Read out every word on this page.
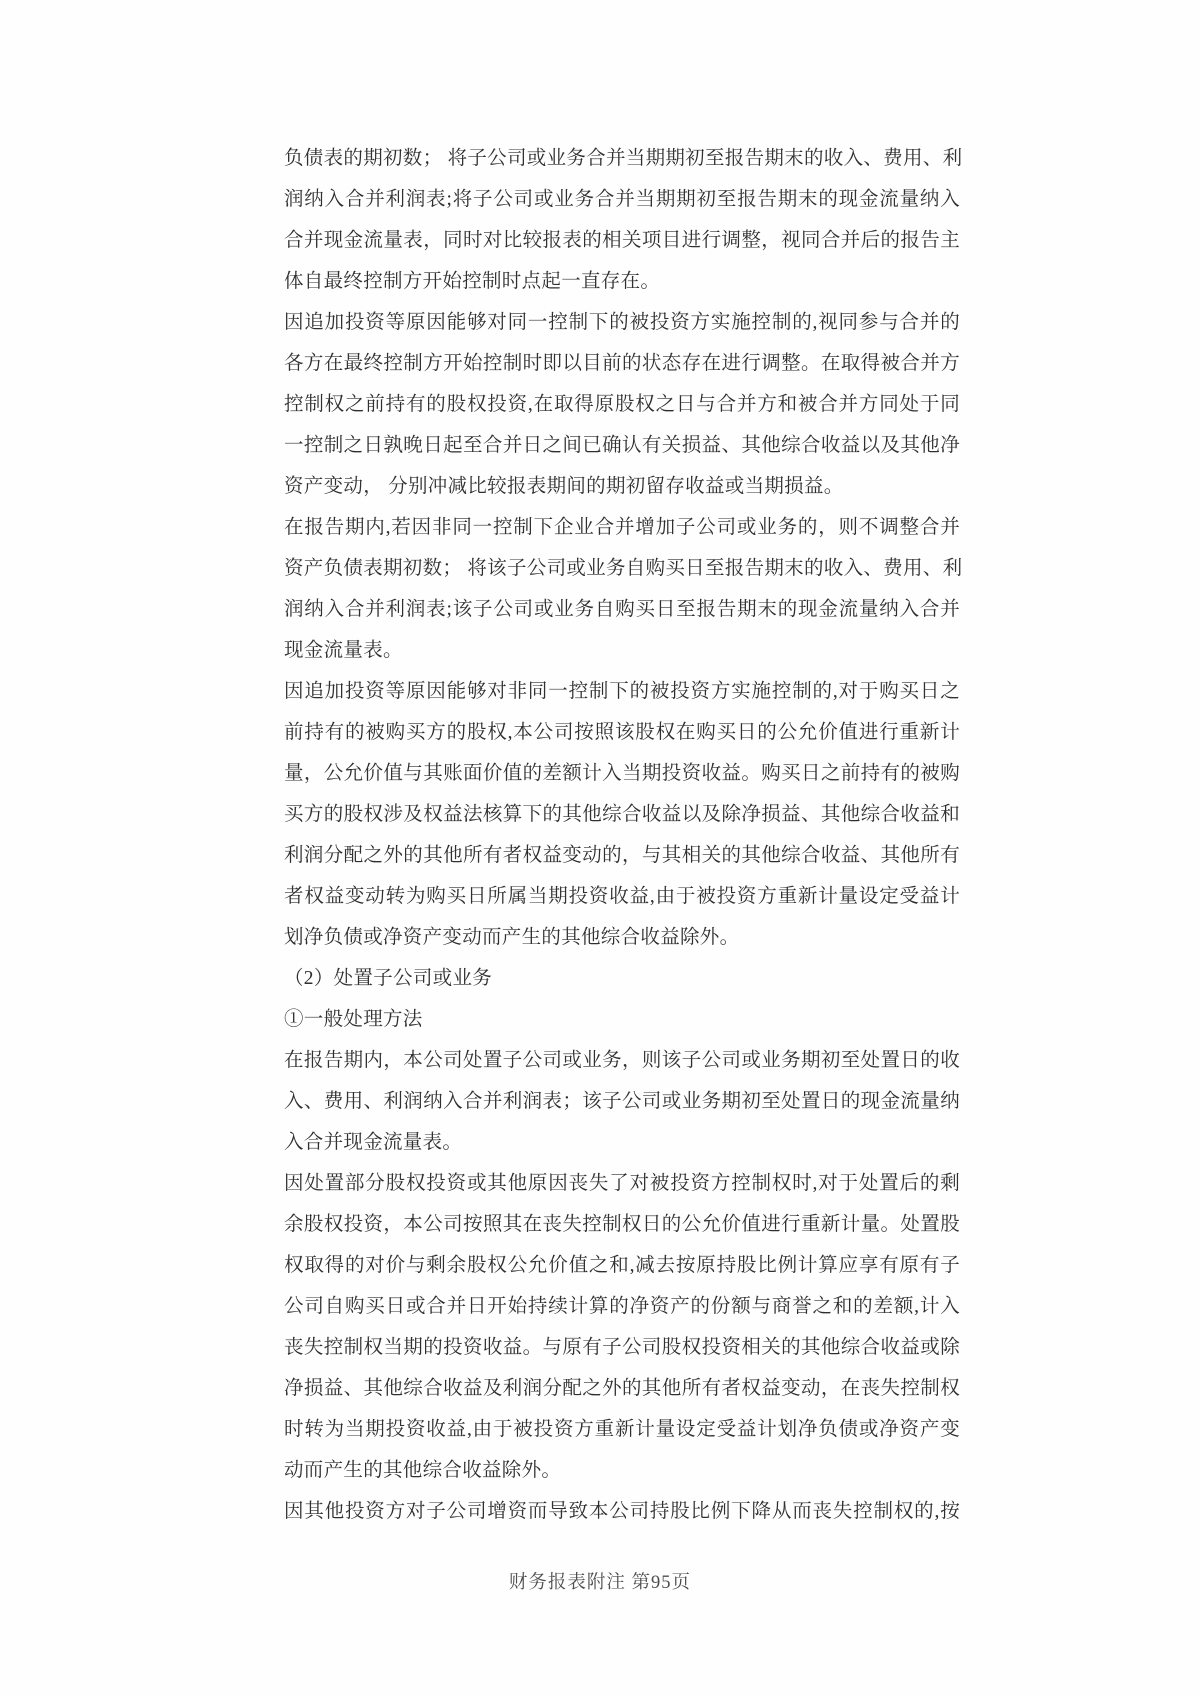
负债表的期初数； 将子公司或业务合并当期期初至报告期末的收入、费用、利
润纳入合并利润表;将子公司或业务合并当期期初至报告期末的现金流量纳入
合并现金流量表，同时对比较报表的相关项目进行调整，视同合并后的报告主
体自最终控制方开始控制时点起一直存在。
因追加投资等原因能够对同一控制下的被投资方实施控制的,视同参与合并的
各方在最终控制方开始控制时即以目前的状态存在进行调整。在取得被合并方
控制权之前持有的股权投资,在取得原股权之日与合并方和被合并方同处于同
一控制之日孰晚日起至合并日之间已确认有关损益、其他综合收益以及其他净
资产变动， 分别冲减比较报表期间的期初留存收益或当期损益。
在报告期内,若因非同一控制下企业合并增加子公司或业务的，则不调整合并
资产负债表期初数； 将该子公司或业务自购买日至报告期末的收入、费用、利
润纳入合并利润表;该子公司或业务自购买日至报告期末的现金流量纳入合并
现金流量表。
因追加投资等原因能够对非同一控制下的被投资方实施控制的,对于购买日之
前持有的被购买方的股权,本公司按照该股权在购买日的公允价值进行重新计
量，公允价值与其账面价值的差额计入当期投资收益。购买日之前持有的被购
买方的股权涉及权益法核算下的其他综合收益以及除净损益、其他综合收益和
利润分配之外的其他所有者权益变动的，与其相关的其他综合收益、其他所有
者权益变动转为购买日所属当期投资收益,由于被投资方重新计量设定受益计
划净负债或净资产变动而产生的其他综合收益除外。
（2）处置子公司或业务
①一般处理方法
在报告期内，本公司处置子公司或业务，则该子公司或业务期初至处置日的收
入、费用、利润纳入合并利润表；该子公司或业务期初至处置日的现金流量纳
入合并现金流量表。
因处置部分股权投资或其他原因丧失了对被投资方控制权时,对于处置后的剩
余股权投资，本公司按照其在丧失控制权日的公允价值进行重新计量。处置股
权取得的对价与剩余股权公允价值之和,减去按原持股比例计算应享有原有子
公司自购买日或合并日开始持续计算的净资产的份额与商誉之和的差额,计入
丧失控制权当期的投资收益。与原有子公司股权投资相关的其他综合收益或除
净损益、其他综合收益及利润分配之外的其他所有者权益变动，在丧失控制权
时转为当期投资收益,由于被投资方重新计量设定受益计划净负债或净资产变
动而产生的其他综合收益除外。
因其他投资方对子公司增资而导致本公司持股比例下降从而丧失控制权的,按
财务报表附注 第95页
